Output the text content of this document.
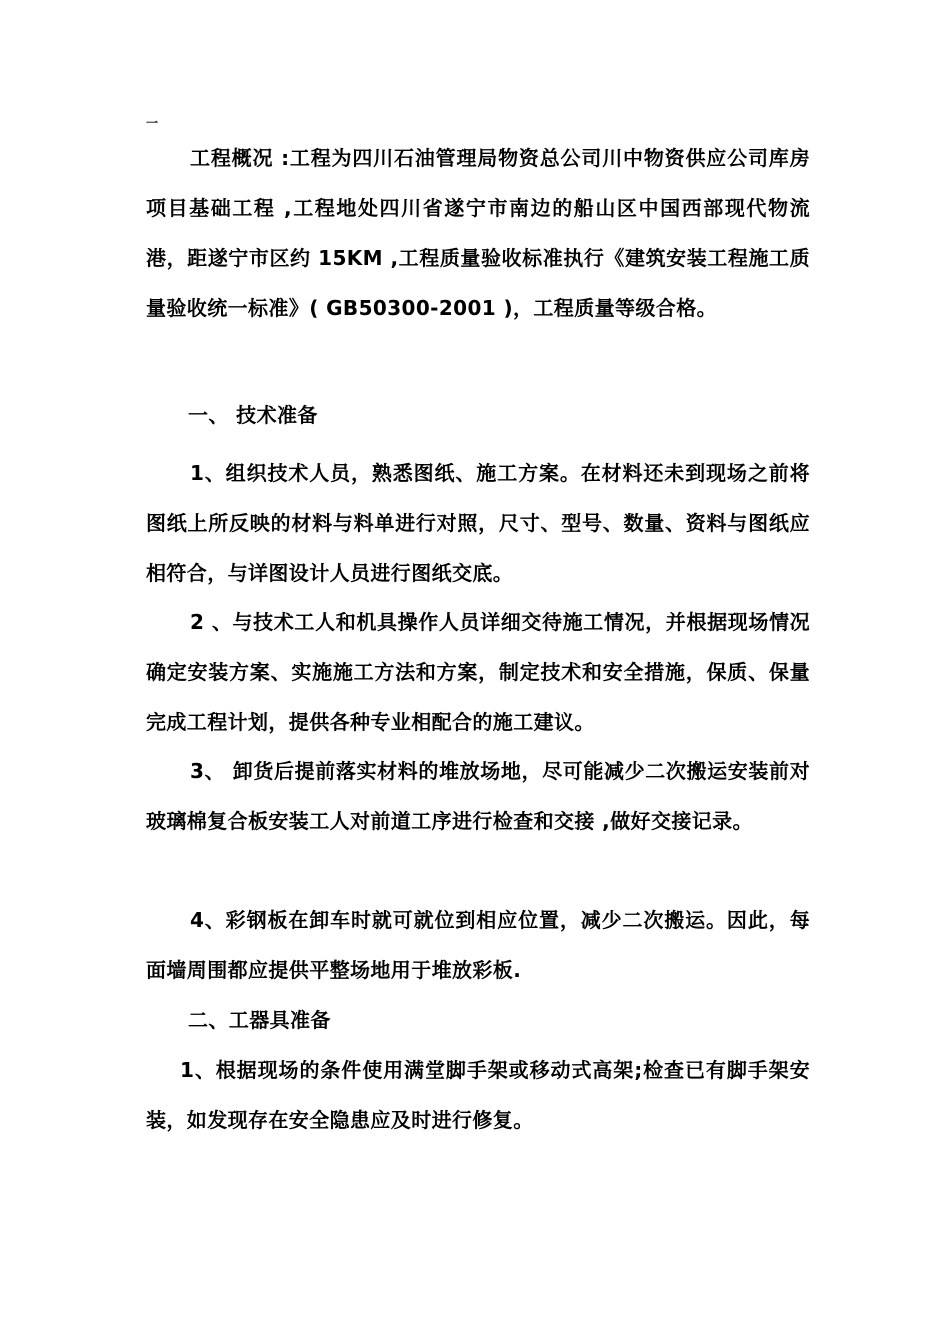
一

工程概况 :工程为四川石油管理局物资总公司川中物资供应公司库房项目基础工程 ,工程地处四川省遂宁市南边的船山区中国西部现代物流港，距遂宁市区约 15KM ,工程质量验收标准执行《建筑安装工程施工质量验收统一标准》( GB50300-2001 )，工程质量等级合格。

一、 技术准备

1、组织技术人员，熟悉图纸、施工方案。在材料还未到现场之前将图纸上所反映的材料与料单进行对照，尺寸、型号、数量、资料与图纸应相符合，与详图设计人员进行图纸交底。

2 、与技术工人和机具操作人员详细交待施工情况，并根据现场情况确定安装方案、实施施工方法和方案，制定技术和安全措施，保质、保量完成工程计划，提供各种专业相配合的施工建议。

3、 卸货后提前落实材料的堆放场地，尽可能减少二次搬运安装前对玻璃棉复合板安装工人对前道工序进行检查和交接 ,做好交接记录。

4、彩钢板在卸车时就可就位到相应位置，减少二次搬运。因此，每面墙周围都应提供平整场地用于堆放彩板.

二、工器具准备

1、根据现场的条件使用满堂脚手架或移动式高架;检查已有脚手架安装，如发现存在安全隐患应及时进行修复。
